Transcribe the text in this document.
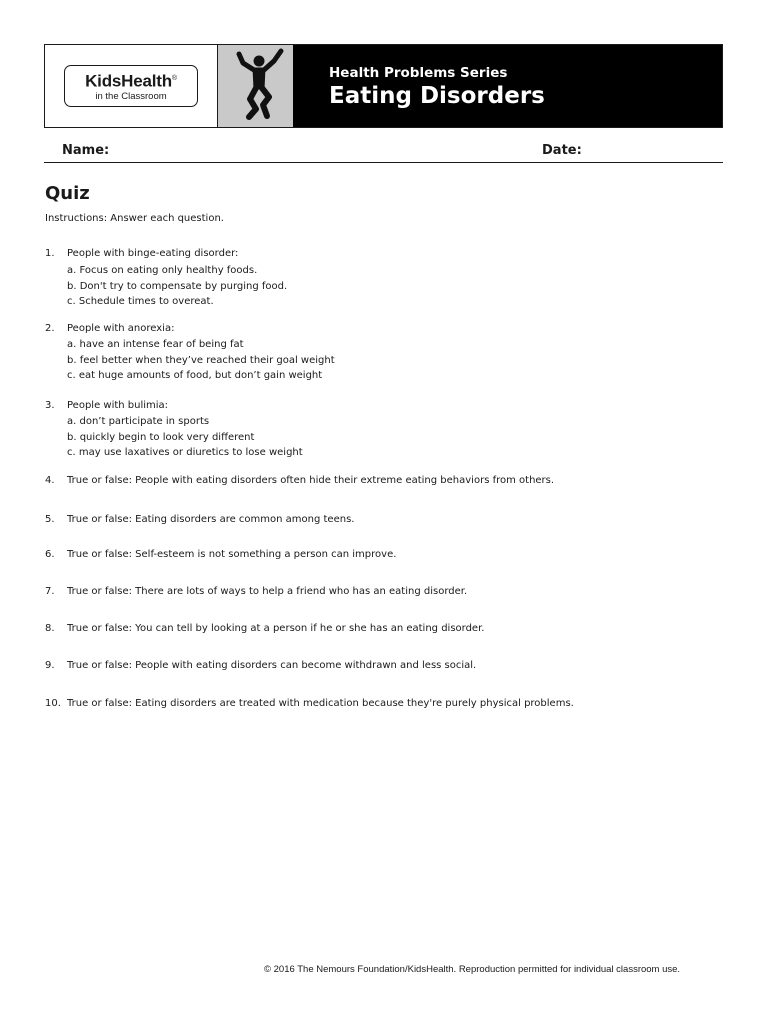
KidsHealth®
in the Classroom
Health Problems Series
Eating Disorders
Name:	Date:
Quiz
Instructions: Answer each question.
1. People with binge-eating disorder:
a. Focus on eating only healthy foods.
b. Don't try to compensate by purging food.
c. Schedule times to overeat.
2. People with anorexia:
a. have an intense fear of being fat
b. feel better when they’ve reached their goal weight
c. eat huge amounts of food, but don’t gain weight
3. People with bulimia:
a. don’t participate in sports
b. quickly begin to look very different
c. may use laxatives or diuretics to lose weight
4. True or false: People with eating disorders often hide their extreme eating behaviors from others.
5. True or false: Eating disorders are common among teens.
6. True or false: Self-esteem is not something a person can improve.
7. True or false: There are lots of ways to help a friend who has an eating disorder.
8. True or false: You can tell by looking at a person if he or she has an eating disorder.
9. True or false: People with eating disorders can become withdrawn and less social.
10. True or false: Eating disorders are treated with medication because they're purely physical problems.
© 2016 The Nemours Foundation/KidsHealth. Reproduction permitted for individual classroom use.
